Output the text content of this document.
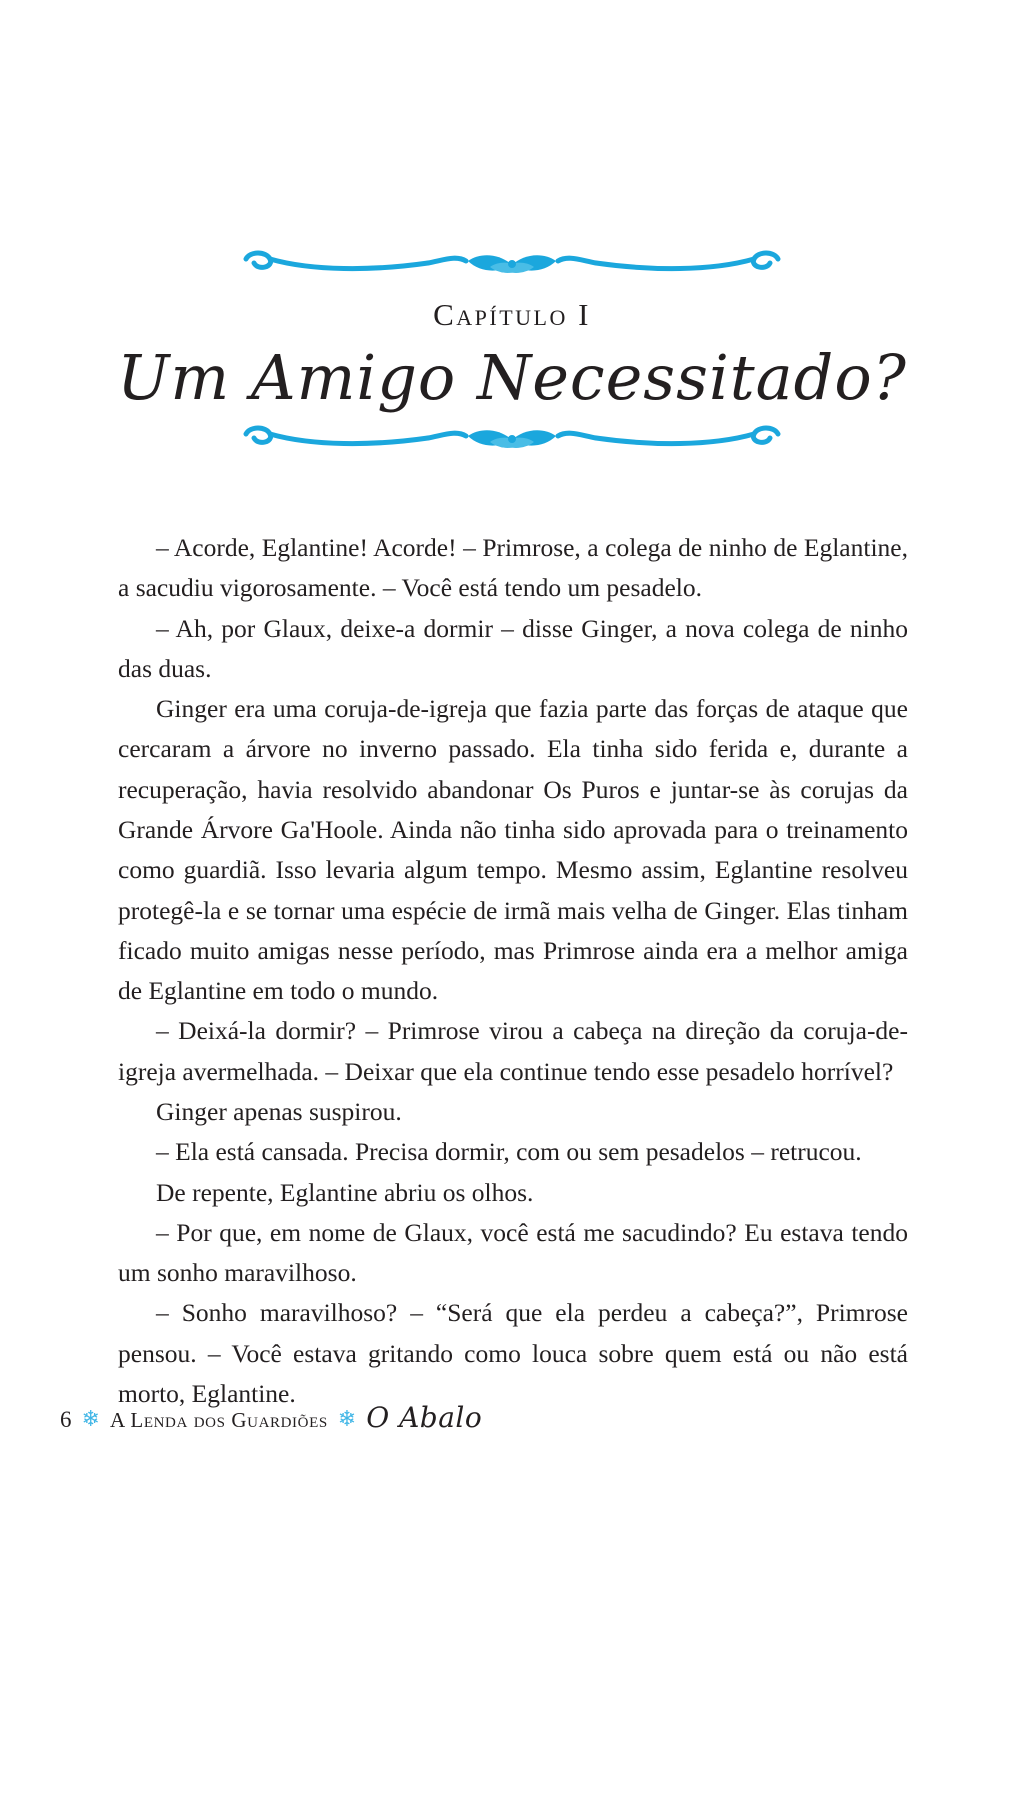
Capítulo I
Um Amigo Necessitado?

– Acorde, Eglantine! Acorde! – Primrose, a colega de ninho de Eglantine, a sacudiu vigorosamente. – Você está tendo um pesadelo.

– Ah, por Glaux, deixe-a dormir – disse Ginger, a nova colega de ninho das duas.

Ginger era uma coruja-de-igreja que fazia parte das forças de ataque que cercaram a árvore no inverno passado. Ela tinha sido ferida e, durante a recuperação, havia resolvido abandonar Os Puros e juntar-se às corujas da Grande Árvore Ga'Hoole. Ainda não tinha sido aprovada para o treinamento como guardiã. Isso levaria algum tempo. Mesmo assim, Eglantine resolveu protegê-la e se tornar uma espécie de irmã mais velha de Ginger. Elas tinham ficado muito amigas nesse período, mas Primrose ainda era a melhor amiga de Eglantine em todo o mundo.

– Deixá-la dormir? – Primrose virou a cabeça na direção da coruja-de-igreja avermelhada. – Deixar que ela continue tendo esse pesadelo horrível?

Ginger apenas suspirou.

– Ela está cansada. Precisa dormir, com ou sem pesadelos – retrucou.

De repente, Eglantine abriu os olhos.

– Por que, em nome de Glaux, você está me sacudindo? Eu estava tendo um sonho maravilhoso.

– Sonho maravilhoso? – “Será que ela perdeu a cabeça?”, Primrose pensou. – Você estava gritando como louca sobre quem está ou não está morto, Eglantine.

6 ❄ A Lenda dos Guardiões ❄ O Abalo
